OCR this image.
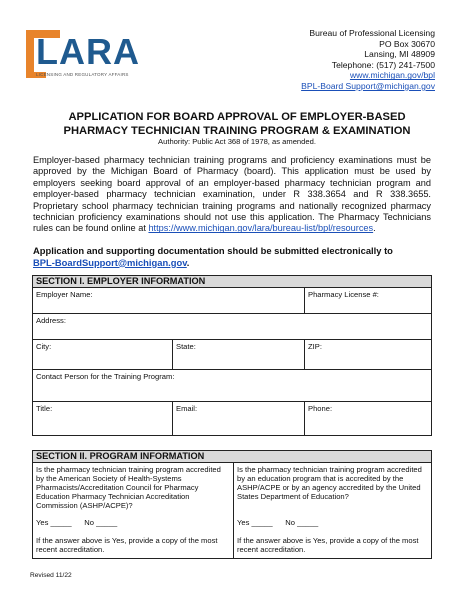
LARA
LICENSING AND REGULATORY AFFAIRS
Bureau of Professional Licensing
PO Box 30670
Lansing, MI 48909
Telephone: (517) 241-7500
www.michigan.gov/bpl
BPL-Board Support@michigan.gov
APPLICATION FOR BOARD APPROVAL OF EMPLOYER-BASED
PHARMACY TECHNICIAN TRAINING PROGRAM & EXAMINATION
Authority: Public Act 368 of 1978, as amended.
Employer-based pharmacy technician training programs and proficiency examinations must be approved by the Michigan Board of Pharmacy (board). This application must be used by employers seeking board approval of an employer-based pharmacy technician program and employer-based pharmacy technician examination, under R 338.3654 and R 338.3655. Proprietary school pharmacy technician training programs and nationally recognized pharmacy technician proficiency examinations should not use this application. The Pharmacy Technicians rules can be found online at https://www.michigan.gov/lara/bureau-list/bpl/resources.
Application and supporting documentation should be submitted electronically to
BPL-BoardSupport@michigan.gov.
SECTION I. EMPLOYER INFORMATION		
Employer Name:		Pharmacy License #:
Address:		
City:	State:	ZIP:
Contact Person for the Training Program:		
Title:	Email:	Phone:
SECTION II. PROGRAM INFORMATION

Is the pharmacy technician training program accredited by the American Society of Health-Systems Pharmacists/Accreditation Council for Pharmacy Education Pharmacy Technician Accreditation Commission (ASHP/ACPE)?
Yes _____ No _____
If the answer above is Yes, provide a copy of the most recent accreditation.

Is the pharmacy technician training program accredited by an education program that is accredited by the ASHP/ACPE or by an agency accredited by the United States Department of Education?
Yes _____ No _____
If the answer above is Yes, provide a copy of the most recent accreditation.
Revised 11/22
